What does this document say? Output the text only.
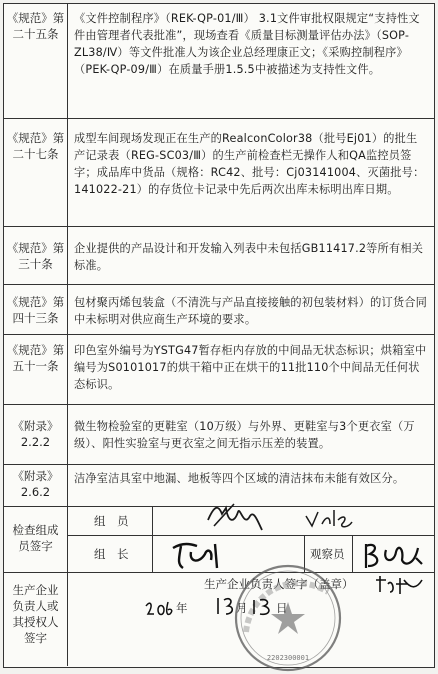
《规范》第
二十五条
《文件控制程序》（REK-QP-01/Ⅲ） 3.1文件审批权限规定“支持性文件由管理者代表批准”，现场查看《质量目标测量评估办法》（SOP-ZL38/Ⅳ）等文件批准人为该企业总经理康正文；《采购控制程序》（PEK-QP-09/Ⅲ）在质量手册1.5.5中被描述为支持性文件。
《规范》第
二十七条
成型车间现场发现正在生产的RealconColor38（批号Ej01）的批生产记录表（REG-SC03/Ⅲ）的生产前检查栏无操作人和QA监控员签字；成品库中货品（规格：RC42、批号：Cj03141004、灭菌批号：141022-21）的存货位卡记录中先后两次出库未标明出库日期。
《规范》第
三十条
企业提供的产品设计和开发输入列表中未包括GB11417.2等所有相关标准。
《规范》第
四十三条
包材聚丙烯包装盒（不清洗与产品直接接触的初包装材料）的订货合同中未标明对供应商生产环境的要求。
《规范》第
五十一条
印色室外编号为YSTG47暂存柜内存放的中间品无状态标识；烘箱室中编号为S0101017的烘干箱中正在烘干的11批110个中间品无任何状态标识。
《附录》
2.2.2
微生物检验室的更鞋室（10万级）与外界、更鞋室与3个更衣室（万级）、阳性实验室与更衣室之间无指示压差的装置。
《附录》
2.6.2
洁净室洁具室中地漏、地板等四个区域的清洁抹布未能有效区分。
检查组成
员签字
组　员
组　长	观察员
生产企业
负责人或
其授权人
签字
生产企业负责人签字（盖章）
2202300001
年	月 日
